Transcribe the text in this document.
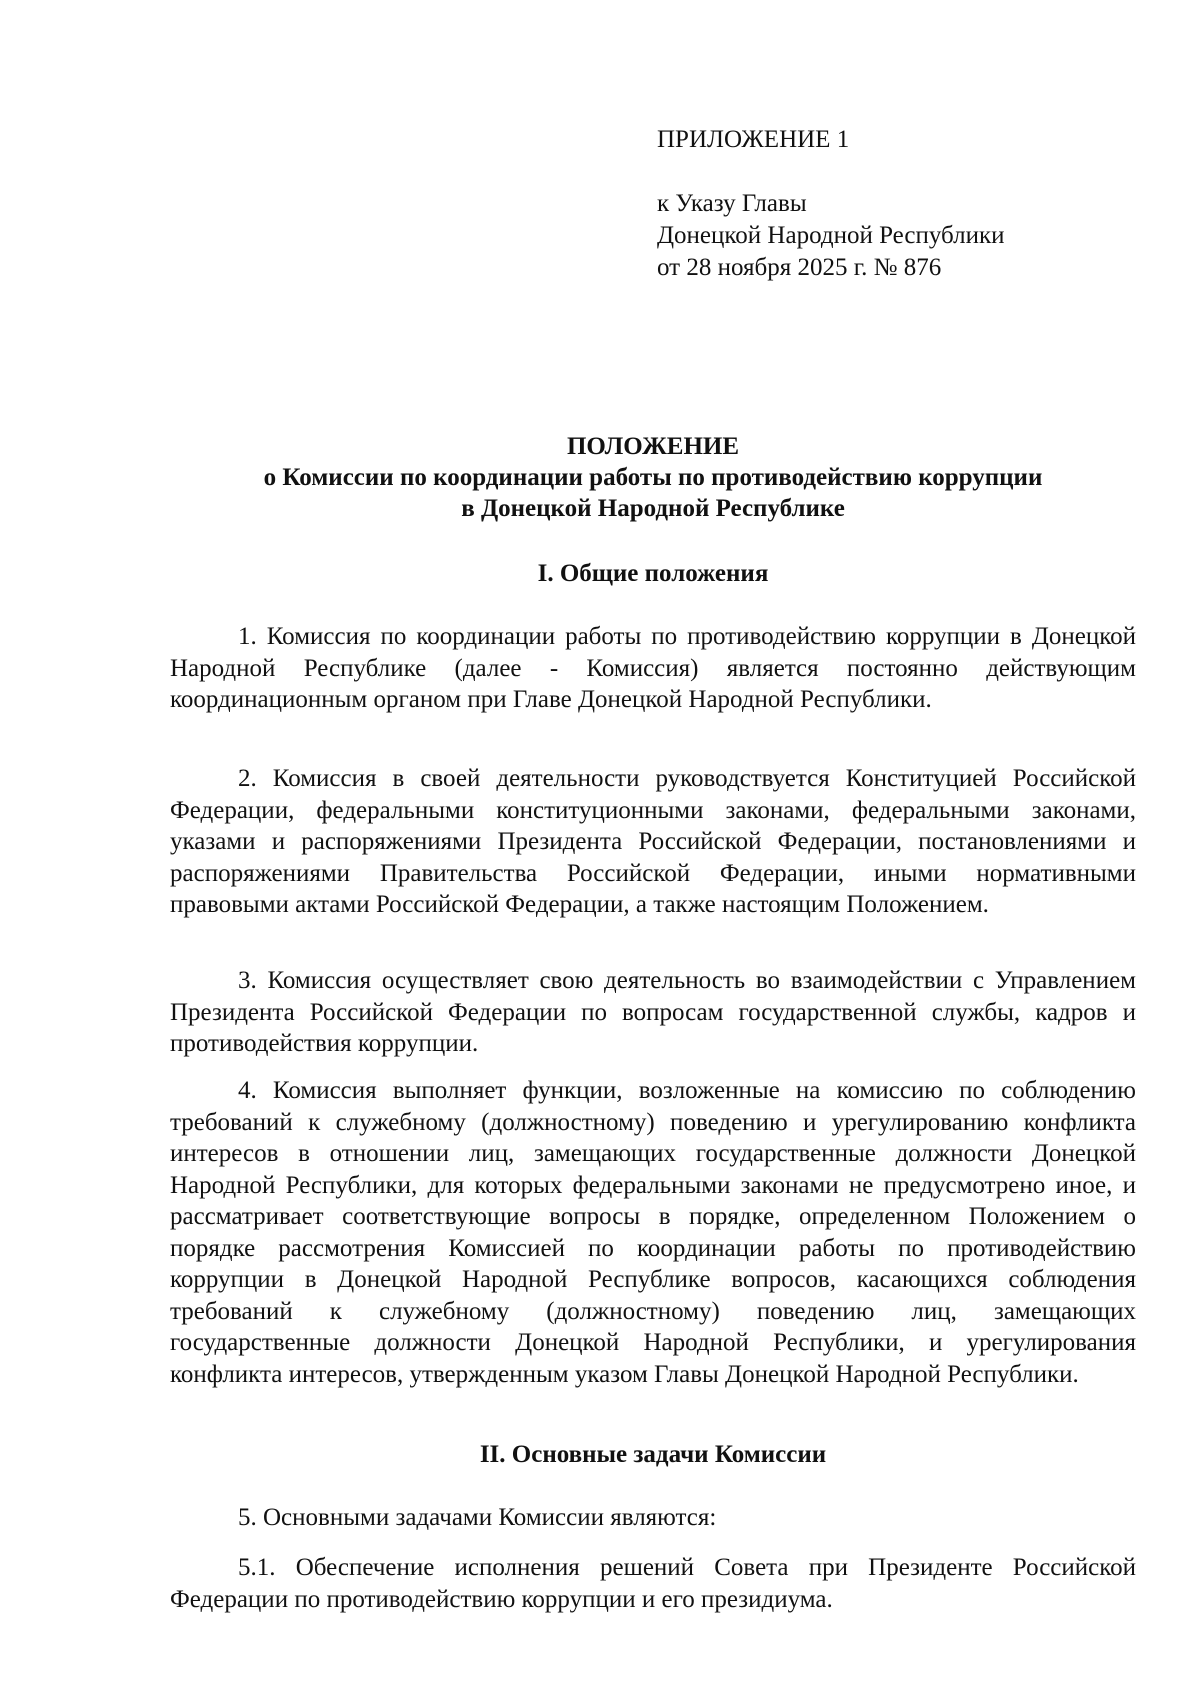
ПРИЛОЖЕНИЕ 1
к Указу Главы
Донецкой Народной Республики
от 28 ноября 2025 г. № 876
ПОЛОЖЕНИЕ
о Комиссии по координации работы по противодействию коррупции
в Донецкой Народной Республике
I. Общие положения

1. Комиссия по координации работы по противодействию коррупции в Донецкой Народной Республике (далее - Комиссия) является постоянно действующим координационным органом при Главе Донецкой Народной Республики.

2. Комиссия в своей деятельности руководствуется Конституцией Российской Федерации, федеральными конституционными законами, федеральными законами, указами и распоряжениями Президента Российской Федерации, постановлениями и распоряжениями Правительства Российской Федерации, иными нормативными правовыми актами Российской Федерации, а также настоящим Положением.

3. Комиссия осуществляет свою деятельность во взаимодействии с Управлением Президента Российской Федерации по вопросам государственной службы, кадров и противодействия коррупции.

4. Комиссия выполняет функции, возложенные на комиссию по соблюдению требований к служебному (должностному) поведению и урегулированию конфликта интересов в отношении лиц, замещающих государственные должности Донецкой Народной Республики, для которых федеральными законами не предусмотрено иное, и рассматривает соответствующие вопросы в порядке, определенном Положением о порядке рассмотрения Комиссией по координации работы по противодействию коррупции в Донецкой Народной Республике вопросов, касающихся соблюдения требований к служебному (должностному) поведению лиц, замещающих государственные должности Донецкой Народной Республики, и урегулирования конфликта интересов, утвержденным указом Главы Донецкой Народной Республики.

II. Основные задачи Комиссии

5. Основными задачами Комиссии являются:

5.1. Обеспечение исполнения решений Совета при Президенте Российской Федерации по противодействию коррупции и его президиума.
